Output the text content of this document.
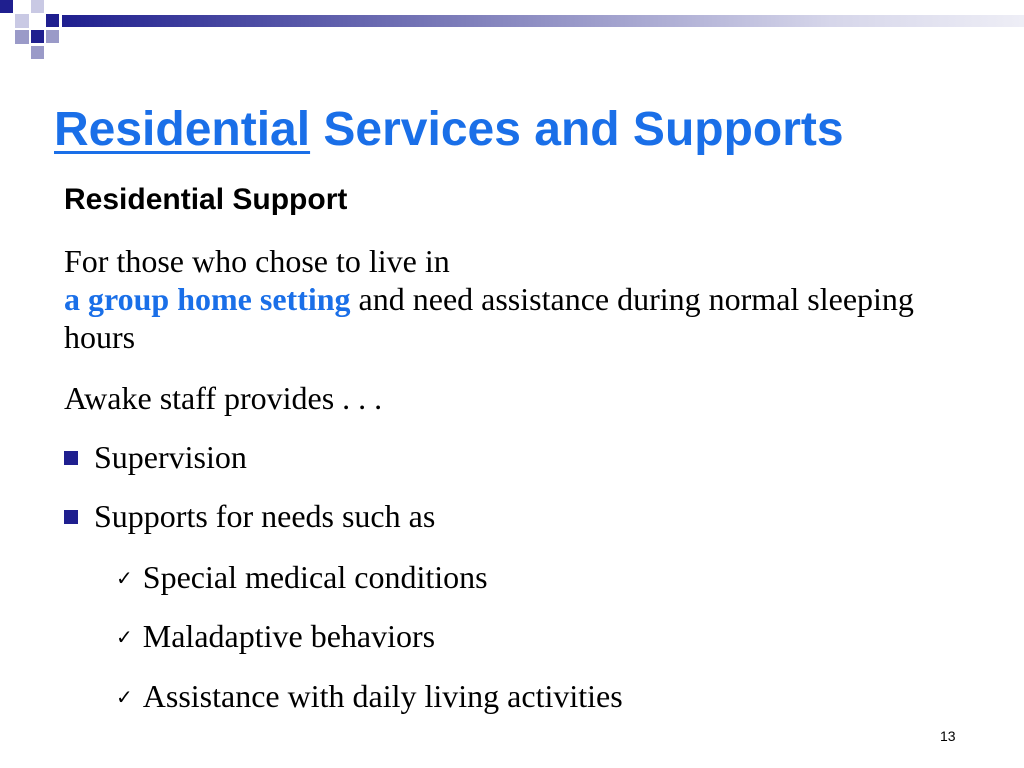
Residential Services and Supports
Residential Support

For those who chose to live in
a group home setting and need assistance during normal sleeping hours

Awake staff provides . . .

Supervision
Supports for needs such as
✓ Special medical conditions
✓ Maladaptive behaviors
✓ Assistance with daily living activities
13
